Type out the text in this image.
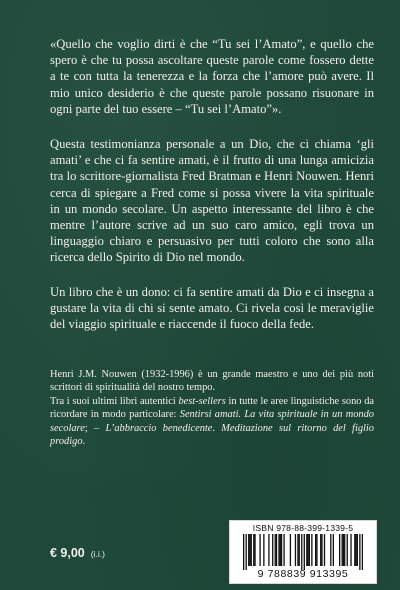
«Quello che voglio dirti è che “Tu sei l’Amato”, e quello che spero è che tu possa ascoltare queste parole come fossero dette a te con tutta la tenerezza e la forza che l’amore può avere. Il mio unico desiderio è che queste parole possano risuonare in ogni parte del tuo essere – “Tu sei l’Amato”».

Questa testimonianza personale a un Dio, che ci chiama ‘gli amati’ e che ci fa sentire amati, è il frutto di una lunga amicizia tra lo scrittore-giornalista Fred Bratman e Henri Nouwen. Henri cerca di spiegare a Fred come si possa vivere la vita spirituale in un mondo secolare. Un aspetto interessante del libro è che mentre l’autore scrive ad un suo caro amico, egli trova un linguaggio chiaro e persuasivo per tutti coloro che sono alla ricerca dello Spirito di Dio nel mondo.

Un libro che è un dono: ci fa sentire amati da Dio e ci insegna a gustare la vita di chi si sente amato. Ci rivela così le meraviglie del viaggio spirituale e riaccende il fuoco della fede.

Henri J.M. Nouwen (1932-1996) è un grande maestro e uno dei più noti scrittori di spiritualità del nostro tempo.

Tra i suoi ultimi libri autentici best-sellers in tutte le aree linguistiche sono da ricordare in modo particolare: Sentirsi amati. La vita spirituale in un mondo secolare; – L’abbraccio benedicente. Meditazione sul ritorno del figlio prodigo.

€ 9,00 (i.i.)
ISBN 978-88-399-1339-5
9 788839 913395
